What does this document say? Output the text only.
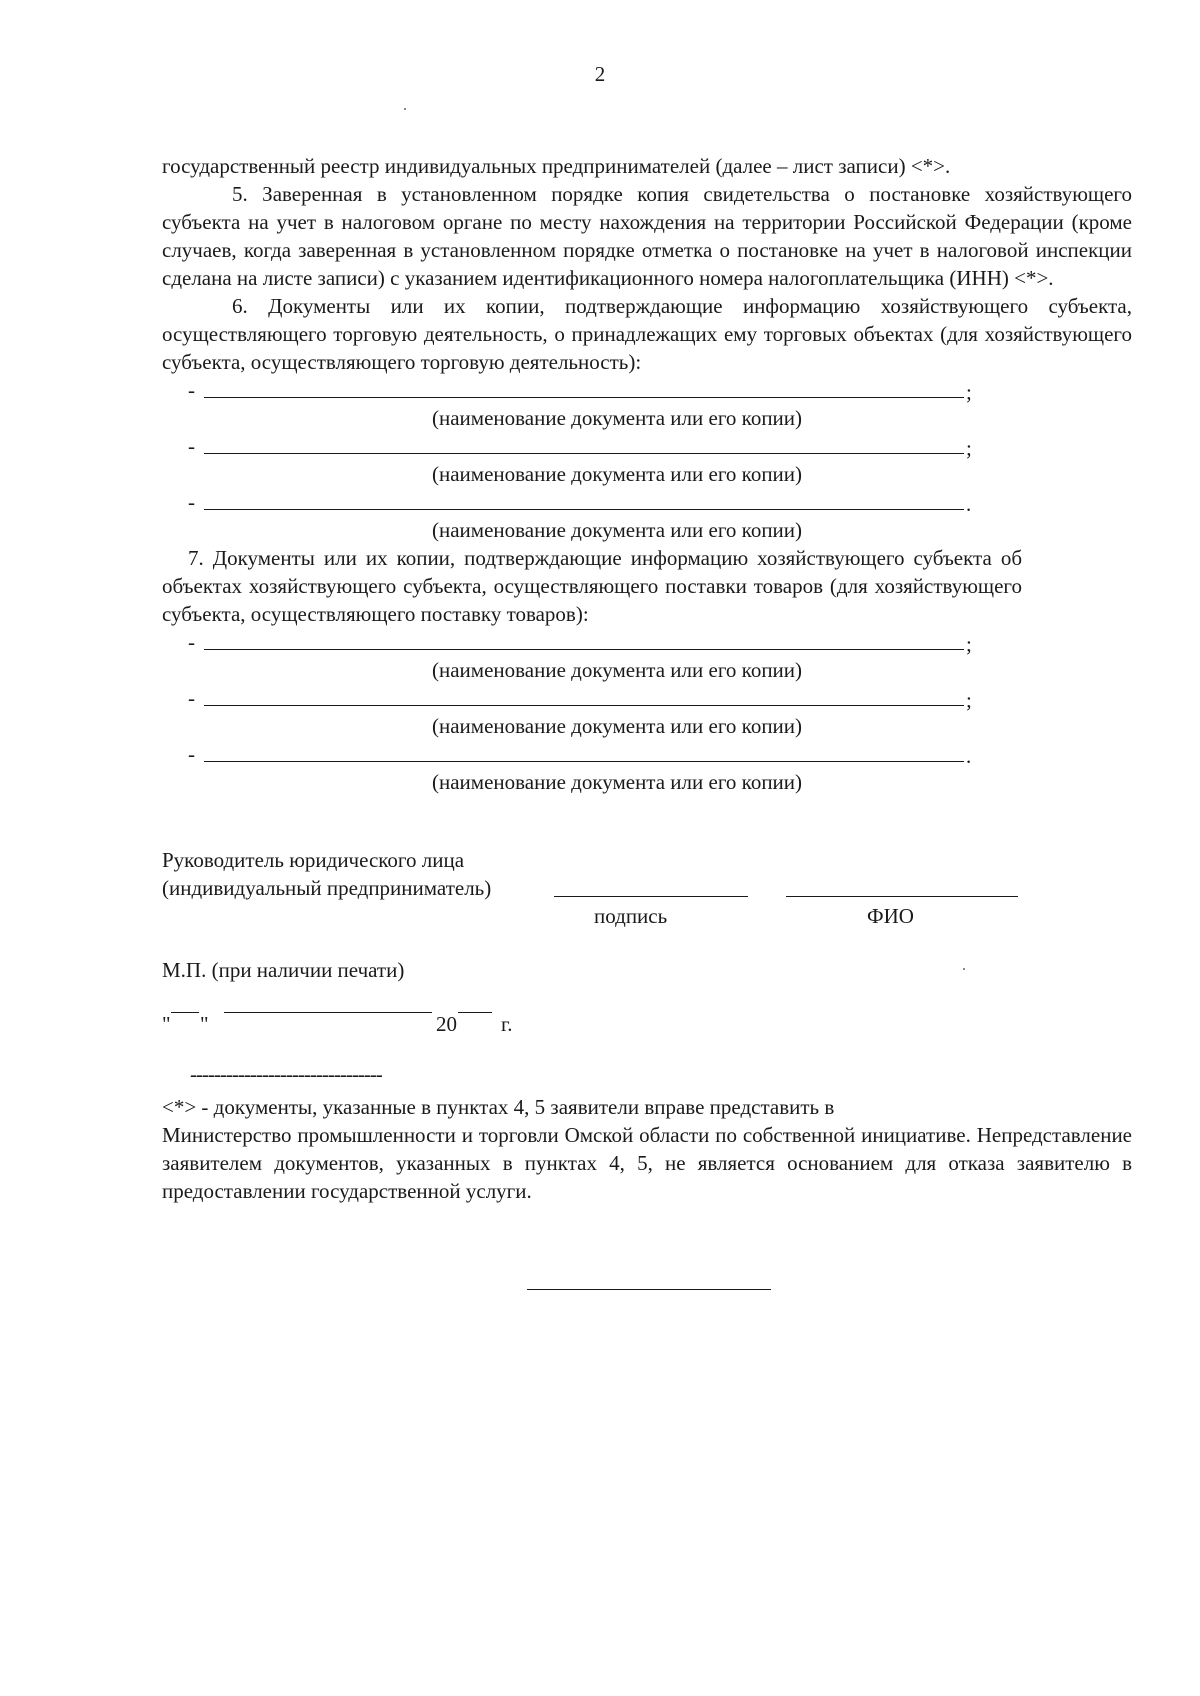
2

государственный реестр индивидуальных предпринимателей (далее – лист записи) <*>.

5. Заверенная в установленном порядке копия свидетельства о постановке хозяйствующего субъекта на учет в налоговом органе по месту нахождения на территории Российской Федерации (кроме случаев, когда заверенная в установленном порядке отметка о постановке на учет в налоговой инспекции сделана на листе записи) с указанием идентификационного номера налогоплательщика (ИНН) <*>.

6. Документы или их копии, подтверждающие информацию хозяйствующего субъекта, осуществляющего торговую деятельность, о принадлежащих ему торговых объектах (для хозяйствующего субъекта, осуществляющего торговую деятельность):

-	;
(наименование документа или его копии)
-	;
(наименование документа или его копии)
-	.
(наименование документа или его копии)

7. Документы или их копии, подтверждающие информацию хозяйствующего субъекта об объектах хозяйствующего субъекта, осуществляющего поставки товаров (для хозяйствующего субъекта, осуществляющего поставку товаров):

-	;
(наименование документа или его копии)
-	;
(наименование документа или его копии)
-	.
(наименование документа или его копии)
Руководитель юридического лица
(индивидуальный предприниматель)
подпись	ФИО
М.П. (при наличии печати)
" "	20 г.
--------------------------------
<*> - документы, указанные в пунктах 4, 5 заявители вправе представить в
Министерство промышленности и торговли Омской области по собственной инициативе. Непредставление заявителем документов, указанных в пунктах 4, 5, не является основанием для отказа заявителю в предоставлении государственной услуги.
